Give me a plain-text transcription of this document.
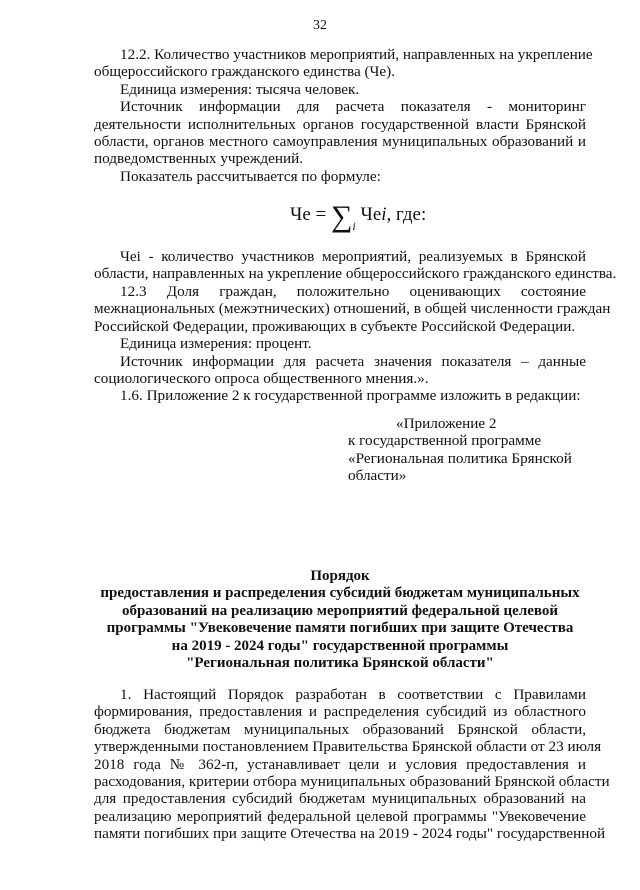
32
12.2. Количество участников мероприятий, направленных на укрепление
общероссийского гражданского единства (Че).
Единица измерения: тысяча человек.
Источник информации для расчета показателя - мониторинг
деятельности исполнительных органов государственной власти Брянской
области, органов местного самоуправления муниципальных образований и
подведомственных учреждений.
Показатель рассчитывается по формуле:
Че = $\sum_i$ Чеi, где:
Чеi - количество участников мероприятий, реализуемых в Брянской
области, направленных на укрепление общероссийского гражданского единства.
12.3 Доля граждан, положительно оценивающих состояние
межнациональных (межэтнических) отношений, в общей численности граждан
Российской Федерации, проживающих в субъекте Российской Федерации.
Единица измерения: процент.
Источник информации для расчета значения показателя – данные
социологического опроса общественного мнения.».
1.6. Приложение 2 к государственной программе изложить в редакции:

«Приложение 2

к государственной программе

«Региональная политика Брянской

области»

Порядок

предоставления и распределения субсидий бюджетам муниципальных

образований на реализацию мероприятий федеральной целевой

программы "Увековечение памяти погибших при защите Отечества

на 2019 - 2024 годы" государственной программы

"Региональная политика Брянской области"

1. Настоящий Порядок разработан в соответствии с Правилами
формирования, предоставления и распределения субсидий из областного
бюджета бюджетам муниципальных образований Брянской области,
утвержденными постановлением Правительства Брянской области от 23 июля
2018 года № 362-п, устанавливает цели и условия предоставления и
расходования, критерии отбора муниципальных образований Брянской области
для предоставления субсидий бюджетам муниципальных образований на
реализацию мероприятий федеральной целевой программы "Увековечение
памяти погибших при защите Отечества на 2019 - 2024 годы" государственной
